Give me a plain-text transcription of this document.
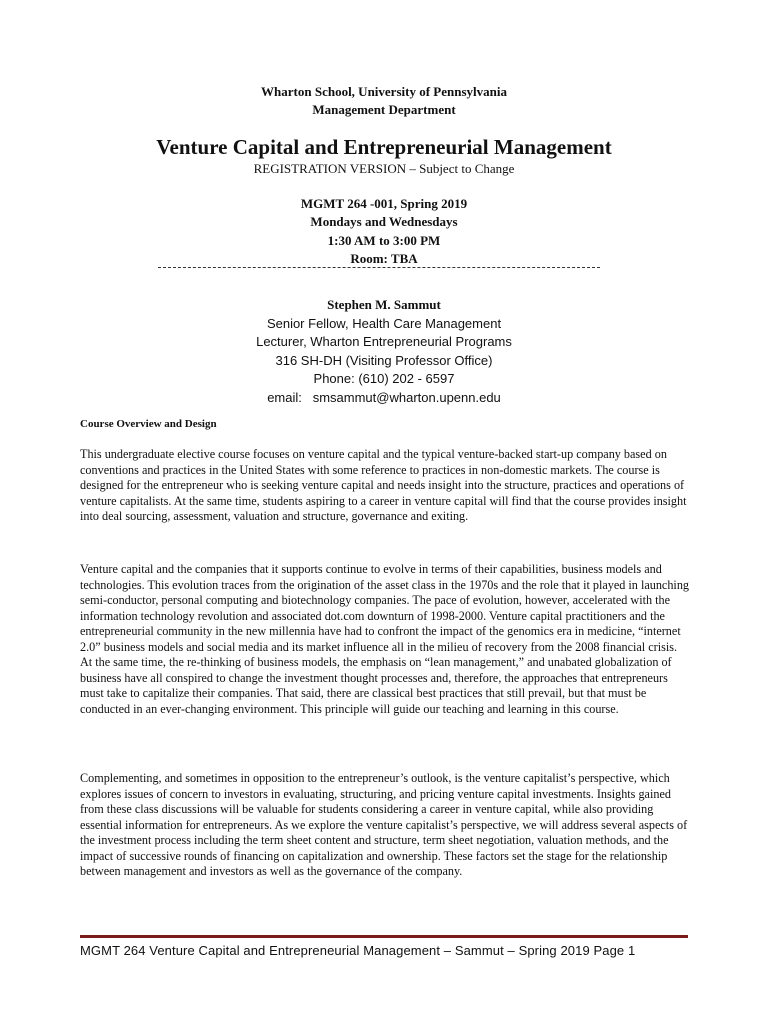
Wharton School, University of Pennsylvania
Management Department
Venture Capital and Entrepreneurial Management
REGISTRATION VERSION – Subject to Change
MGMT 264 -001, Spring 2019
Mondays and Wednesdays
1:30 AM to 3:00 PM
Room: TBA
Stephen M. Sammut
Senior Fellow, Health Care Management
Lecturer, Wharton Entrepreneurial Programs
316 SH-DH (Visiting Professor Office)
Phone: (610) 202 - 6597
email:   smsammut@wharton.upenn.edu
Course Overview and Design

This undergraduate elective course focuses on venture capital and the typical venture-backed start-up company based on conventions and practices in the United States with some reference to practices in non-domestic markets. The course is designed for the entrepreneur who is seeking venture capital and needs insight into the structure, practices and operations of venture capitalists. At the same time, students aspiring to a career in venture capital will find that the course provides insight into deal sourcing, assessment, valuation and structure, governance and exiting.

Venture capital and the companies that it supports continue to evolve in terms of their capabilities, business models and technologies. This evolution traces from the origination of the asset class in the 1970s and the role that it played in launching semi-conductor, personal computing and biotechnology companies. The pace of evolution, however, accelerated with the information technology revolution and associated dot.com downturn of 1998-2000. Venture capital practitioners and the entrepreneurial community in the new millennia have had to confront the impact of the genomics era in medicine, “internet 2.0” business models and social media and its market influence all in the milieu of recovery from the 2008 financial crisis. At the same time, the re-thinking of business models, the emphasis on “lean management,” and unabated globalization of business have all conspired to change the investment thought processes and, therefore, the approaches that entrepreneurs must take to capitalize their companies. That said, there are classical best practices that still prevail, but that must be conducted in an ever-changing environment. This principle will guide our teaching and learning in this course.

Complementing, and sometimes in opposition to the entrepreneur’s outlook, is the venture capitalist’s perspective, which explores issues of concern to investors in evaluating, structuring, and pricing venture capital investments. Insights gained from these class discussions will be valuable for students considering a career in venture capital, while also providing essential information for entrepreneurs. As we explore the venture capitalist’s perspective, we will address several aspects of the investment process including the term sheet content and structure, term sheet negotiation, valuation methods, and the impact of successive rounds of financing on capitalization and ownership. These factors set the stage for the relationship between management and investors as well as the governance of the company.

MGMT 264 Venture Capital and Entrepreneurial Management – Sammut – Spring 2019 Page 1
